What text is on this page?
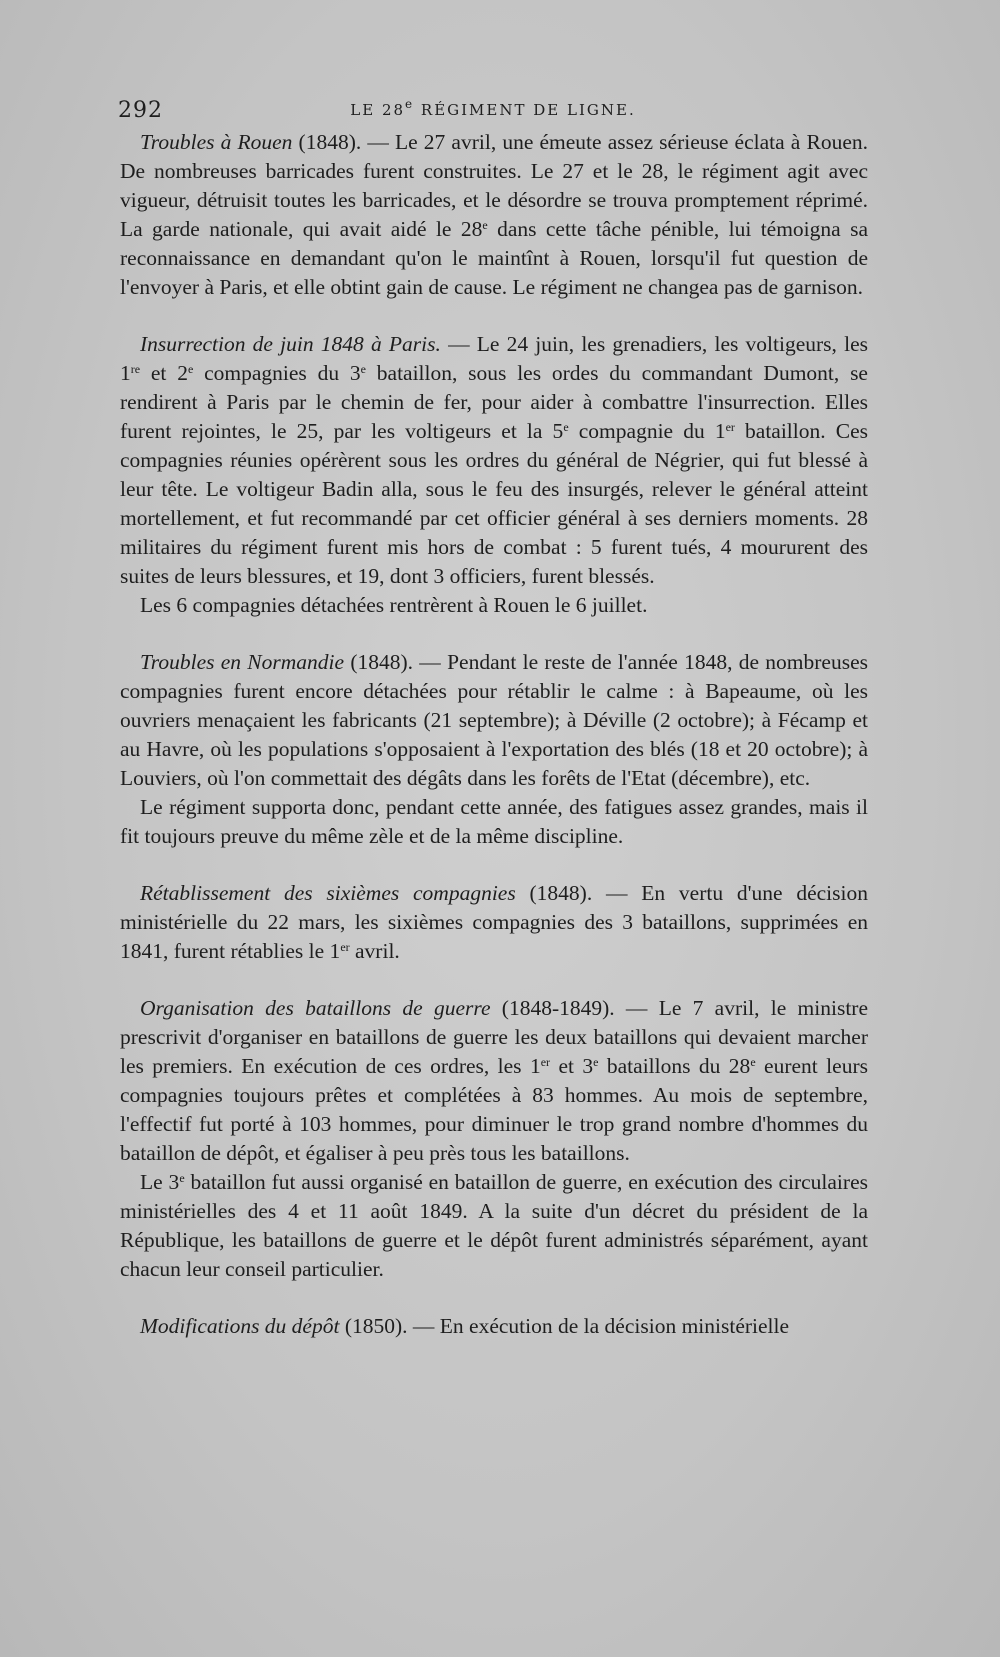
292	LE 28e RÉGIMENT DE LIGNE.

Troubles à Rouen (1848). — Le 27 avril, une émeute assez sérieuse éclata à Rouen. De nombreuses barricades furent construites. Le 27 et le 28, le régiment agit avec vigueur, détruisit toutes les barricades, et le désordre se trouva promptement réprimé. La garde nationale, qui avait aidé le 28e dans cette tâche pénible, lui témoigna sa reconnaissance en demandant qu'on le maintînt à Rouen, lorsqu'il fut question de l'envoyer à Paris, et elle obtint gain de cause. Le régiment ne changea pas de garnison.

Insurrection de juin 1848 à Paris. — Le 24 juin, les grenadiers, les voltigeurs, les 1re et 2e compagnies du 3e bataillon, sous les ordes du commandant Dumont, se rendirent à Paris par le chemin de fer, pour aider à combattre l'insurrection. Elles furent rejointes, le 25, par les voltigeurs et la 5e compagnie du 1er bataillon. Ces compagnies réunies opérèrent sous les ordres du général de Négrier, qui fut blessé à leur tête. Le voltigeur Badin alla, sous le feu des insurgés, relever le général atteint mortellement, et fut recommandé par cet officier général à ses derniers moments. 28 militaires du régiment furent mis hors de combat : 5 furent tués, 4 moururent des suites de leurs blessures, et 19, dont 3 officiers, furent blessés.

Les 6 compagnies détachées rentrèrent à Rouen le 6 juillet.

Troubles en Normandie (1848). — Pendant le reste de l'année 1848, de nombreuses compagnies furent encore détachées pour rétablir le calme : à Bapeaume, où les ouvriers menaçaient les fabricants (21 septembre); à Déville (2 octobre); à Fécamp et au Havre, où les populations s'opposaient à l'exportation des blés (18 et 20 octobre); à Louviers, où l'on commettait des dégâts dans les forêts de l'Etat (décembre), etc.

Le régiment supporta donc, pendant cette année, des fatigues assez grandes, mais il fit toujours preuve du même zèle et de la même discipline.

Rétablissement des sixièmes compagnies (1848). — En vertu d'une décision ministérielle du 22 mars, les sixièmes compagnies des 3 bataillons, supprimées en 1841, furent rétablies le 1er avril.

Organisation des bataillons de guerre (1848-1849). — Le 7 avril, le ministre prescrivit d'organiser en bataillons de guerre les deux bataillons qui devaient marcher les premiers. En exécution de ces ordres, les 1er et 3e bataillons du 28e eurent leurs compagnies toujours prêtes et complétées à 83 hommes. Au mois de septembre, l'effectif fut porté à 103 hommes, pour diminuer le trop grand nombre d'hommes du bataillon de dépôt, et égaliser à peu près tous les bataillons.

Le 3e bataillon fut aussi organisé en bataillon de guerre, en exécution des circulaires ministérielles des 4 et 11 août 1849. A la suite d'un décret du président de la République, les bataillons de guerre et le dépôt furent administrés séparément, ayant chacun leur conseil particulier.

Modifications du dépôt (1850). — En exécution de la décision ministérielle
